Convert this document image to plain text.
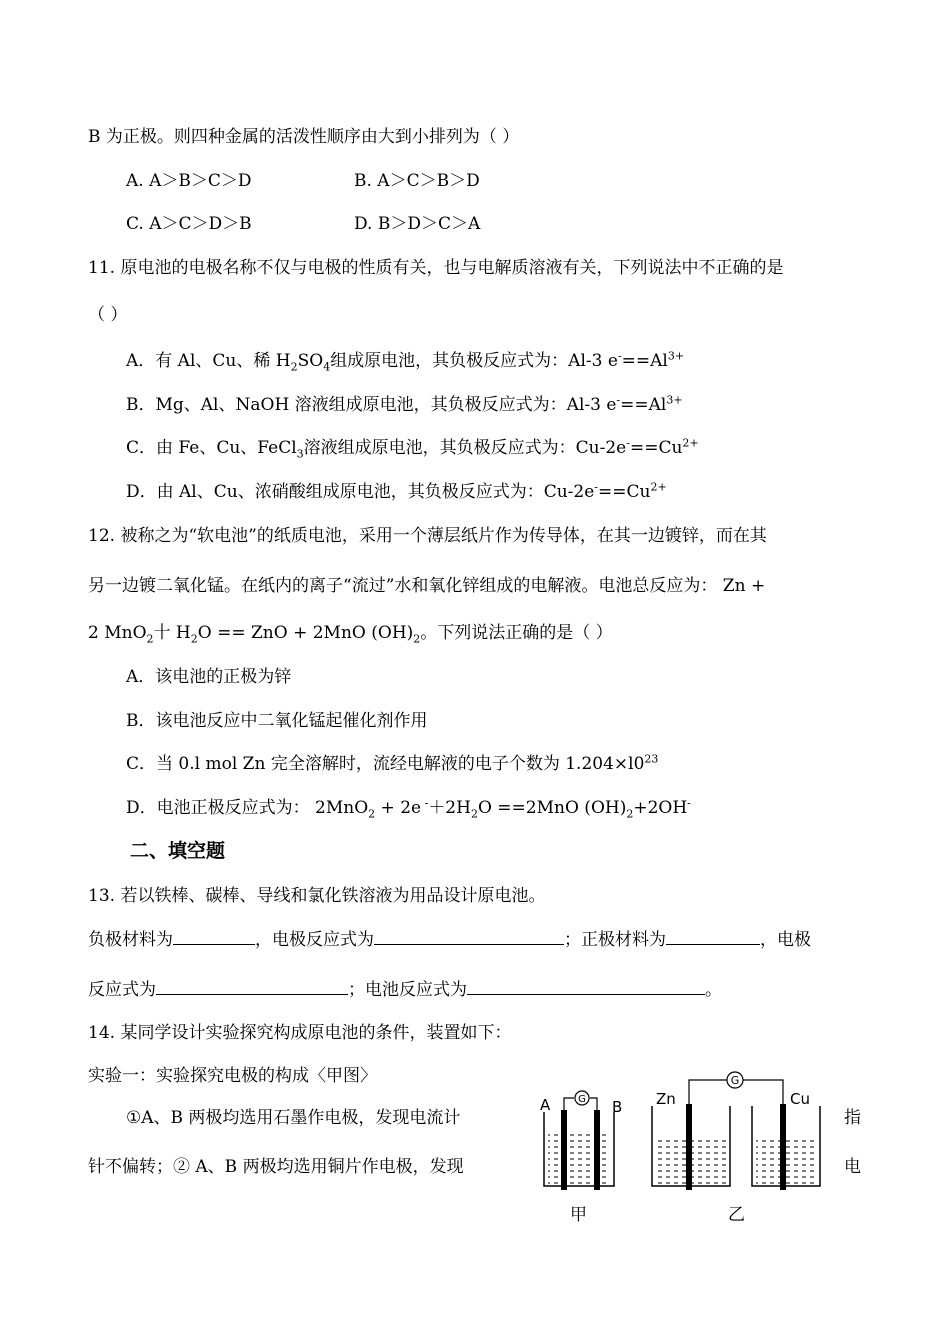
B 为正极。则四种金属的活泼性顺序由大到小排列为（ ）
A. A＞B＞C＞D	B. A＞C＞B＞D
C. A＞C＞D＞B	D. B＞D＞C＞A
11. 原电池的电极名称不仅与电极的性质有关，也与电解质溶液有关，下列说法中不正确的是
（ ）
A．有 Al、Cu、稀 $H_2SO_4$组成原电池，其负极反应式为：Al-3 $e^-==Al^{3+}$
B．Mg、Al、NaOH 溶液组成原电池，其负极反应式为：Al-3 $e^-==Al^{3+}$
C．由 Fe、Cu、FeCl$_3$溶液组成原电池，其负极反应式为：$Cu-2e^-==Cu^{2+}$
D．由 Al、Cu、浓硝酸组成原电池，其负极反应式为：$Cu-2e^-==Cu^{2+}$
12. 被称之为“软电池”的纸质电池，采用一个薄层纸片作为传导体，在其一边镀锌，而在其
另一边镀二氧化锰。在纸内的离子“流过”水和氧化锌组成的电解液。电池总反应为： Zn +
2 MnO$_2$十 $H_2O$ == ZnO + 2MnO $(OH)_2$。下列说法正确的是（ ）
A．该电池的正极为锌
B．该电池反应中二氧化锰起催化剂作用
C．当 0.l mol Zn 完全溶解时，流经电解液的电子个数为 $1.204\times l0^{23}$
D．电池正极反应式为： 2MnO$_2$ + 2e $^-+2H_2O ==2MnO$ $(OH)_2+2OH^-$
二、填空题
13. 若以铁棒、碳棒、导线和氯化铁溶液为用品设计原电池。
负极材料为	，电极反应式为	；正极材料为	，电极
反应式为	；电池反应式为	。
14. 某同学设计实验探究构成原电池的条件，装置如下：
实验一：实验探究电极的构成〈甲图〉
①A、B 两极均选用石墨作电极，发现电流计	指
针不偏转；② A、B 两极均选用铜片作电极，发现	电
G
A	B
甲
G
Zn	Cu
乙
